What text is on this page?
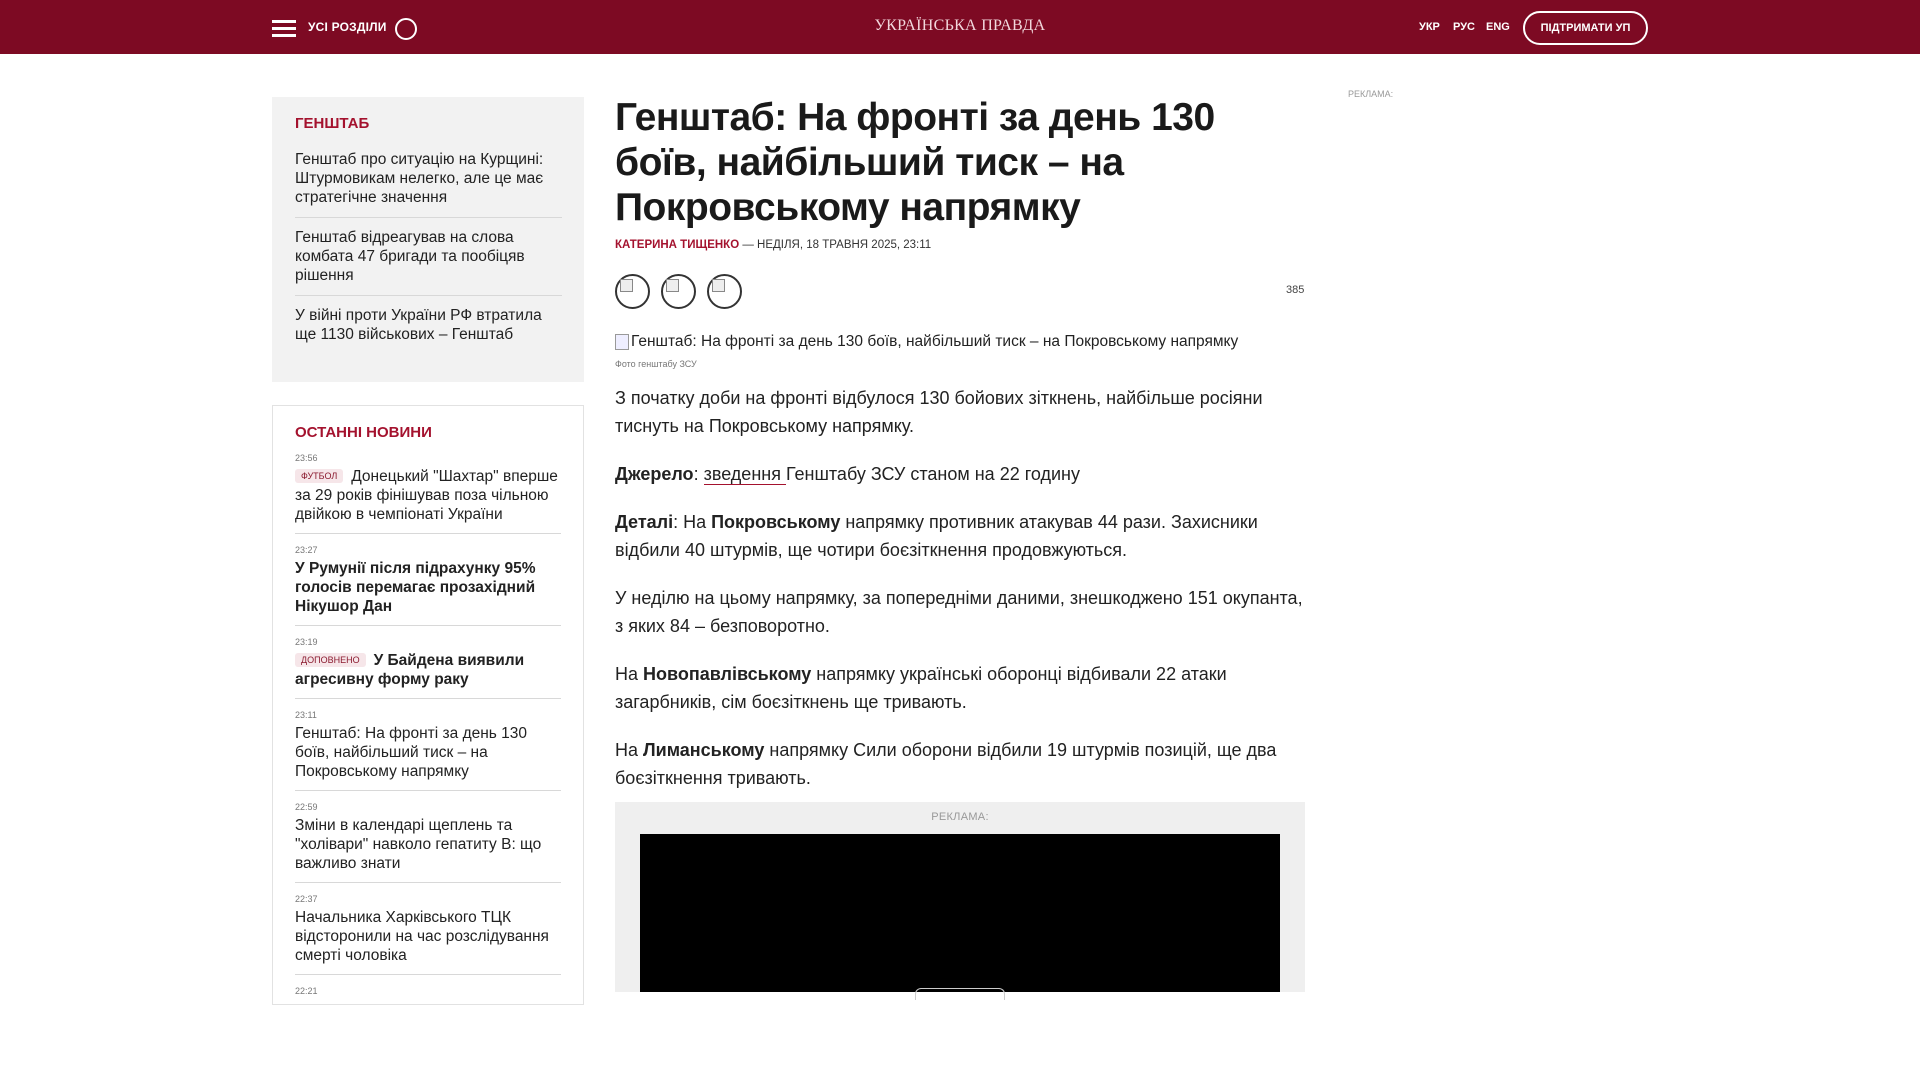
УСІ РОЗДІЛИ	УКРАЇНСЬКА ПРАВДА	УКР РУС ENG	ПІДТРИМАТИ УП
ГЕНШТАБ
Генштаб про ситуацію на Курщині: Штурмовикам нелегко, але це має стратегічне значення
Генштаб відреагував на слова комбата 47 бригади та пообіцяв рішення
У війні проти України РФ втратила ще 1130 військових – Генштаб
ОСТАННІ НОВИНИ
23:56
ФУТБОЛ Донецький "Шахтар" вперше за 29 років фінішував поза чільною двійкою в чемпіонаті України
23:27
У Румунії після підрахунку 95% голосів перемагає прозахідний Нікушор Дан
23:19
ДОПОВНЕНО У Байдена виявили агресивну форму раку
23:11
Генштаб: На фронті за день 130 боїв, найбільший тиск – на Покровському напрямку
22:59
Зміни в календарі щеплень та "холівари" навколо гепатиту В: що важливо знати
22:37
Начальника Харківського ТЦК відсторонили на час розслідування смерті чоловіка
22:21
Генштаб: На фронті за день 130 боїв, найбільший тиск – на Покровському напрямку
КАТЕРИНА ТИЩЕНКО — НЕДІЛЯ, 18 ТРАВНЯ 2025, 23:11
385
Генштаб: На фронті за день 130 боїв, найбільший тиск – на Покровському напрямку
Фото генштабу ЗСУ

З початку доби на фронті відбулося 130 бойових зіткнень, найбільше росіяни тиснуть на Покровському напрямку.

Джерело: зведення Генштабу ЗСУ станом на 22 годину

Деталі: На Покровському напрямку противник атакував 44 рази. Захисники відбили 40 штурмів, ще чотири боєзіткнення продовжуються.

У неділю на цьому напрямку, за попередніми даними, знешкоджено 151 окупанта, з яких 84 – безповоротно.

На Новопавлівському напрямку українські оборонці відбивали 22 атаки загарбників, сім боєзіткнень ще тривають.

На Лиманському напрямку Сили оборони відбили 19 штурмів позицій, ще два боєзіткнення тривають.

РЕКЛАМА:
РЕКЛАМА:
